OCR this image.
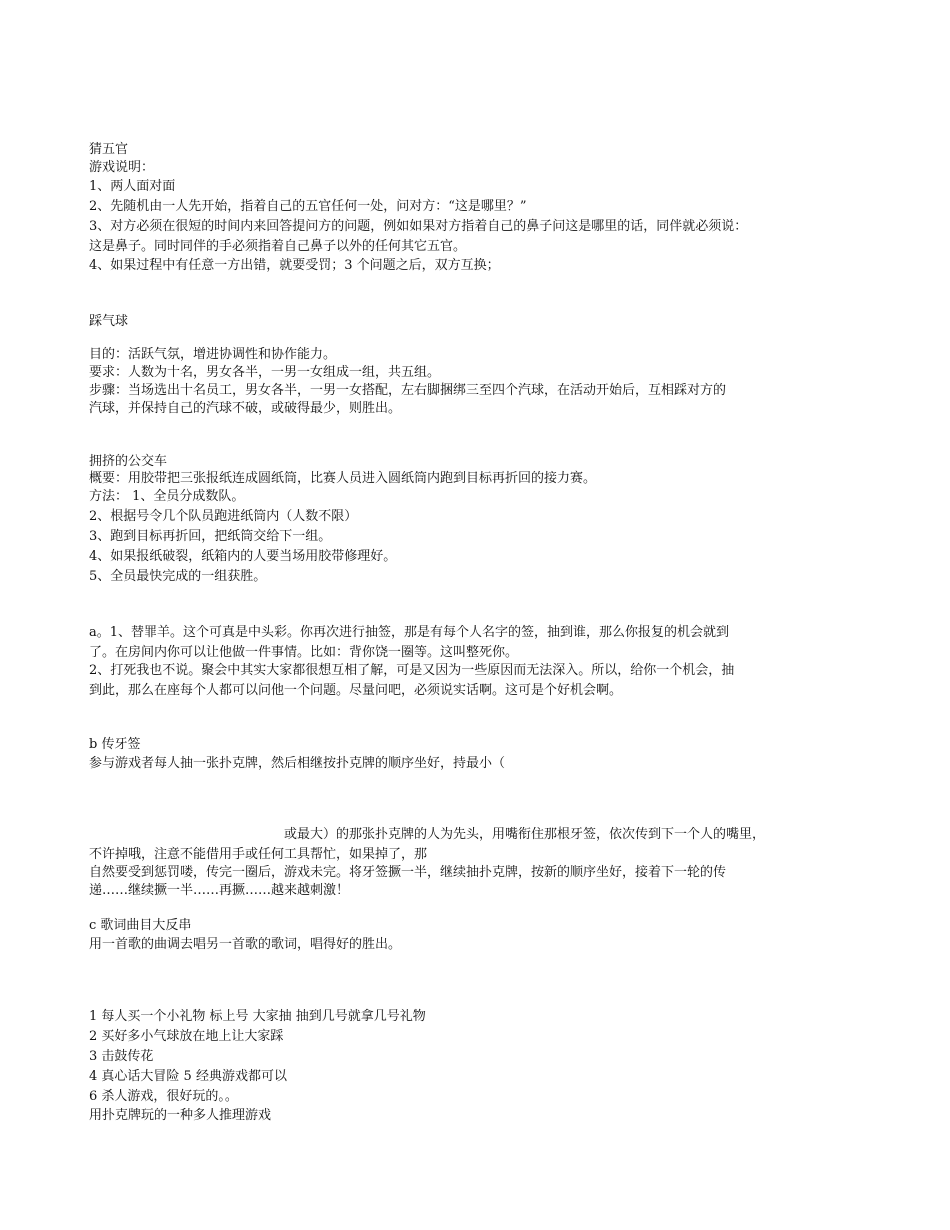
猜五官
游戏说明：
1、两人面对面
2、先随机由一人先开始，指着自己的五官任何一处，问对方：“这是哪里？”
3、对方必须在很短的时间内来回答提问方的问题，例如如果对方指着自己的鼻子问这是哪里的话，同伴就必须说：
这是鼻子。同时同伴的手必须指着自己鼻子以外的任何其它五官。
4、如果过程中有任意一方出错，就要受罚；3 个问题之后，双方互换；
踩气球
目的：活跃气氛，增进协调性和协作能力。
要求：人数为十名，男女各半，一男一女组成一组，共五组。
步骤：当场选出十名员工，男女各半，一男一女搭配，左右脚捆绑三至四个汽球，在活动开始后，互相踩对方的
汽球，并保持自己的汽球不破，或破得最少，则胜出。
拥挤的公交车
概要：用胶带把三张报纸连成圆纸筒，比赛人员进入圆纸筒内跑到目标再折回的接力赛。
方法： 1、全员分成数队。
2、根据号令几个队员跑进纸筒内（人数不限）
3、跑到目标再折回，把纸筒交给下一组。
4、如果报纸破裂，纸箱内的人要当场用胶带修理好。
5、全员最快完成的一组获胜。
a。1、替罪羊。这个可真是中头彩。你再次进行抽签，那是有每个人名字的签，抽到谁，那么你报复的机会就到
了。在房间内你可以让他做一件事情。比如：背你饶一圈等。这叫整死你。
2、打死我也不说。聚会中其实大家都很想互相了解，可是又因为一些原因而无法深入。所以，给你一个机会，抽
到此，那么在座每个人都可以问他一个问题。尽量问吧，必须说实话啊。这可是个好机会啊。
b 传牙签
参与游戏者每人抽一张扑克牌，然后相继按扑克牌的顺序坐好，持最小（
或最大）的那张扑克牌的人为先头，用嘴衔住那根牙签，依次传到下一个人的嘴里，
不许掉哦，注意不能借用手或任何工具帮忙，如果掉了，那
自然要受到惩罚喽，传完一圈后，游戏未完。将牙签撅一半，继续抽扑克牌，按新的顺序坐好，接着下一轮的传
递……继续撅一半……再撅……越来越刺激！
c 歌词曲目大反串
用一首歌的曲调去唱另一首歌的歌词，唱得好的胜出。
1 每人买一个小礼物 标上号 大家抽 抽到几号就拿几号礼物
2 买好多小气球放在地上让大家踩
3 击鼓传花
4 真心话大冒险 5 经典游戏都可以
6 杀人游戏，很好玩的。。
用扑克牌玩的一种多人推理游戏
